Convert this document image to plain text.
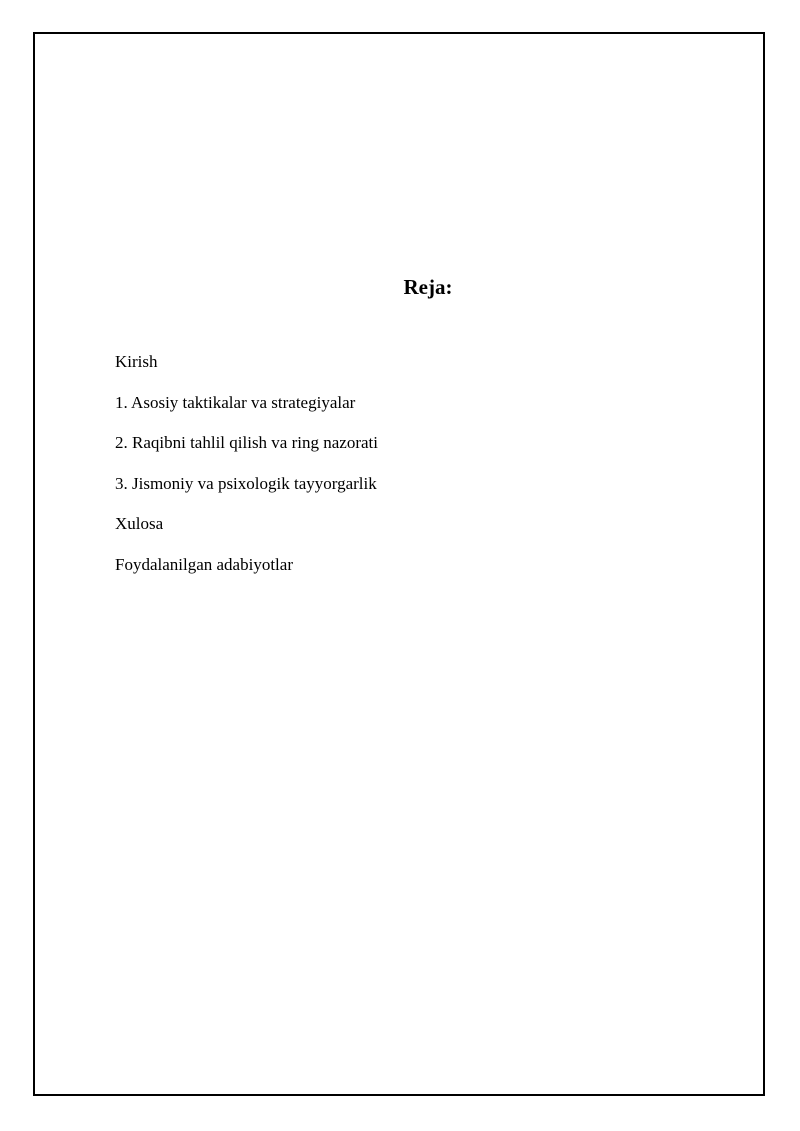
Reja:
Kirish
1. Asosiy taktikalar va strategiyalar
2. Raqibni tahlil qilish va ring nazorati
3. Jismoniy va psixologik tayyorgarlik
Xulosa
Foydalanilgan adabiyotlar
